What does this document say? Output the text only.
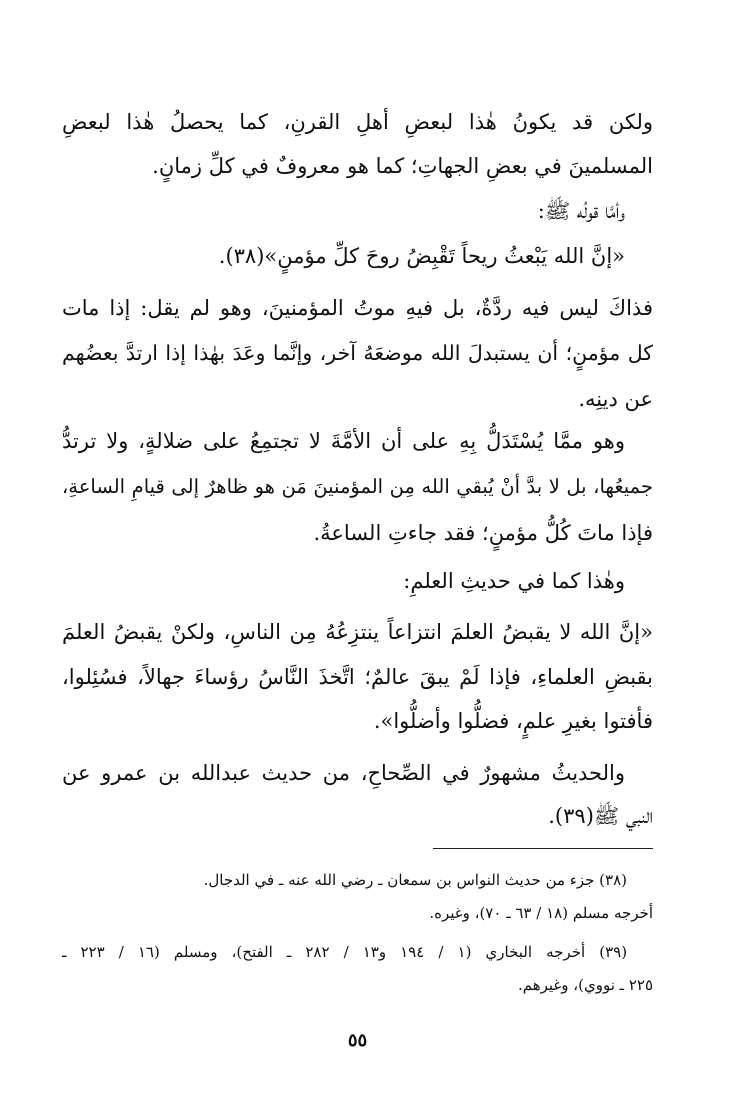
ولكن قد يكونُ هٰذا لبعضِ أهلِ القرنِ، كما يحصلُ هٰذا لبعضِ
المسلمينَ في بعضِ الجهاتِ؛ كما هو معروفٌ في كلِّ زمانٍ.
وأمَّا قولُه ﷺ:
«إنَّ الله يَبْعثُ ريحاً تَقْبِضُ روحَ كلِّ مؤمنٍ»(٣٨).
فذاكَ ليس فيه ردَّةٌ، بل فيهِ موتُ المؤمنينَ، وهو لم يقل: إذا مات
كل مؤمنٍ؛ أن يستبدلَ الله موضعَهُ آخر، وإنَّما وعَدَ بهٰذا إذا ارتدَّ بعضُهم
عن دينِه.
وهو ممَّا يُسْتَدَلُّ بِهِ على أن الأمَّةَ لا تجتمِعُ على ضلالةٍ، ولا ترتدُّ
جميعُها، بل لا بدَّ أنْ يُبقي الله مِن المؤمنينَ مَن هو ظاهرٌ إلى قيامِ الساعةِ،
فإذا ماتَ كُلُّ مؤمنٍ؛ فقد جاءتِ الساعةُ.
وهٰذا كما في حديثِ العلمِ:
«إنَّ الله لا يقبضُ العلمَ انتزاعاً ينتزِعُهُ مِن الناسِ، ولكنْ يقبضُ العلمَ
بقبضِ العلماءِ، فإذا لَمْ يبقَ عالمٌ؛ اتَّخذَ النَّاسُ رؤساءَ جهالاً، فسُئِلوا،
فأفتوا بغيرِ علمٍ، فضلُّوا وأضلُّوا».
والحديثُ مشهورٌ في الصِّحاحِ، من حديث عبدالله بن عمرو عن
النبي ﷺ(٣٩).
(٣٨) جزء من حديث النواس بن سمعان ـ رضي الله عنه ـ في الدجال.
أخرجه مسلم (١٨ / ٦٣ ـ ٧٠)، وغيره.
(٣٩) أخرجه البخاري (١ / ١٩٤ و١٣ / ٢٨٢ ـ الفتح)، ومسلم (١٦ / ٢٢٣ ـ
٢٢٥ ـ نووي)، وغيرهم.
٥٥
